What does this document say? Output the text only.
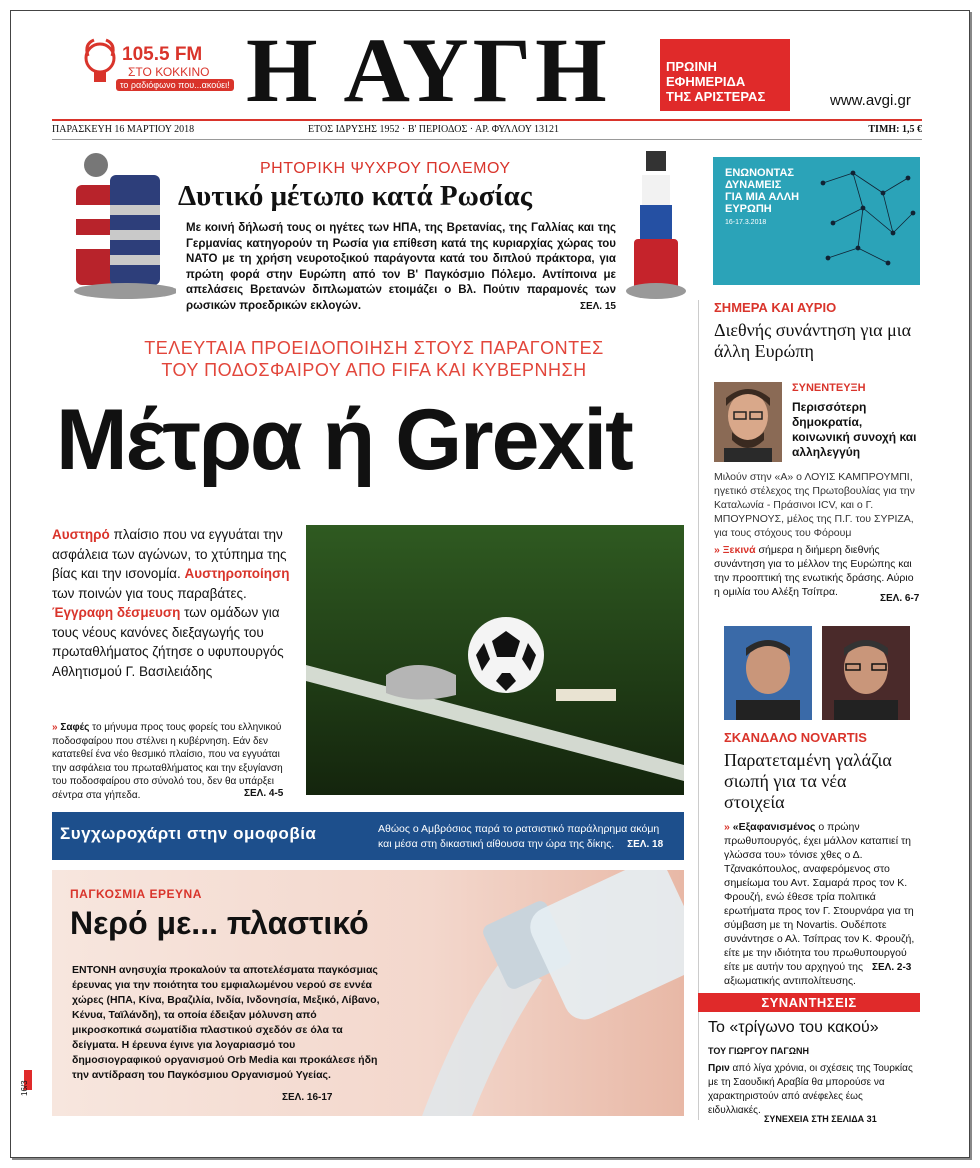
105.5 FM
ΣΤΟ ΚΟΚΚΙΝΟ
το ραδιόφωνο που...ακούει! Η ΑΥΓΗ	ΠΡΩΙΝΗ
ΕΦΗΜΕΡΙΔΑ
ΤΗΣ ΑΡΙΣΤΕΡΑΣ	www.avgi.gr
ΠΑΡΑΣΚΕΥΗ 16 ΜΑΡΤΙΟΥ 2018	ΕΤΟΣ ΙΔΡΥΣΗΣ 1952 · Β' ΠΕΡΙΟΔΟΣ · ΑΡ. ΦΥΛΛΟΥ 13121	ΤΙΜΗ: 1,5 €
ΡΗΤΟΡΙΚΗ ΨΥΧΡΟΥ ΠΟΛΕΜΟΥ
Δυτικό μέτωπο κατά Ρωσίας
Με κοινή δήλωσή τους οι ηγέτες των ΗΠΑ, της Βρετανίας, της Γαλλίας και της Γερμανίας κατηγορούν τη Ρωσία για επίθεση κατά της κυριαρχίας χώρας του ΝΑΤΟ με τη χρήση νευροτοξικού παράγοντα κατά του διπλού πράκτορα, για πρώτη φορά στην Ευρώπη από τον Β' Παγκόσμιο Πόλεμο. Αντίποινα με απελάσεις Βρετανών διπλωματών ετοιμάζει ο Βλ. Πούτιν παραμονές των ρωσικών προεδρικών εκλογών.	ΣΕΛ. 15
ΕΝΩΝΟΝΤΑΣ
ΔΥΝΑΜΕΙΣ
ΓΙΑ ΜΙΑ ΑΛΛΗ
ΕΥΡΩΠΗ
16-17.3.2018
ΣΗΜΕΡΑ ΚΑΙ ΑΥΡΙΟ
Διεθνής συνάντηση για μια άλλη Ευρώπη
ΣΥΝΕΝΤΕΥΞΗ
Περισσότερη δημοκρατία, κοινωνική συνοχή και αλληλεγγύη
Μιλούν στην «Α» ο ΛΟΥΙΣ ΚΑΜΠΡΟΥΜΠΙ, ηγετικό στέλεχος της Πρωτοβουλίας για την Καταλωνία - Πράσινοι ICV, και ο Γ. ΜΠΟΥΡΝΟΥΣ, μέλος της Π.Γ. του ΣΥΡΙΖΑ, για τους στόχους του Φόρουμ
» Ξεκινά σήμερα η διήμερη διεθνής συνάντηση για το μέλλον της Ευρώπης και την προοπτική της ενωτικής δράσης. Αύριο η ομιλία του Αλέξη Τσίπρα.
ΣΕΛ. 6-7
ΤΕΛΕΥΤΑΙΑ ΠΡΟΕΙΔΟΠΟΙΗΣΗ ΣΤΟΥΣ ΠΑΡΑΓΟΝΤΕΣ
ΤΟΥ ΠΟΔΟΣΦΑΙΡΟΥ ΑΠΟ FIFA ΚΑΙ ΚΥΒΕΡΝΗΣΗ
Μέτρα ή Grexit
Αυστηρό πλαίσιο που να εγγυάται την ασφάλεια των αγώνων, το χτύπημα της βίας και την ισονομία. Αυστηροποίηση των ποινών για τους παραβάτες. Έγγραφη δέσμευση των ομάδων για τους νέους κανόνες διεξαγωγής του πρωταθλήματος ζήτησε ο υφυπουργός Αθλητισμού Γ. Βασιλειάδης
» Σαφές το μήνυμα προς τους φορείς του ελληνικού ποδοσφαίρου που στέλνει η κυβέρνηση. Εάν δεν κατατεθεί ένα νέο θεσμικό πλαίσιο, που να εγγυάται την ασφάλεια του πρωταθλήματος και την εξυγίανση του ποδοσφαίρου στο σύνολό του, δεν θα υπάρξει σέντρα στα γήπεδα.	ΣΕΛ. 4-5
Συγχωροχάρτι στην ομοφοβία	Αθώος ο Αμβρόσιος παρά το ρατσιστικό παράληρημα ακόμη και μέσα στη δικαστική αίθουσα την ώρα της δίκης. ΣΕΛ. 18
ΠΑΓΚΟΣΜΙΑ ΕΡΕΥΝΑ
Νερό με... πλαστικό
ΕΝΤΟΝΗ ανησυχία προκαλούν τα αποτελέσματα παγκόσμιας έρευνας για την ποιότητα του εμφιαλωμένου νερού σε εννέα χώρες (ΗΠΑ, Κίνα, Βραζιλία, Ινδία, Ινδονησία, Μεξικό, Λίβανο, Κένυα, Ταϊλάνδη), τα οποία έδειξαν μόλυνση από μικροσκοπικά σωματίδια πλαστικού σχεδόν σε όλα τα δείγματα. Η έρευνα έγινε για λογαριασμό του δημοσιογραφικού οργανισμού Orb Media και προκάλεσε ήδη την αντίδραση του Παγκόσμιου Οργανισμού Υγείας.
ΣΕΛ. 16-17
ΣΚΑΝΔΑΛΟ NOVARTIS
Παρατεταμένη γαλάζια σιωπή για τα νέα στοιχεία
» «Εξαφανισμένος ο πρώην πρωθυπουργός, έχει μάλλον καταπιεί τη γλώσσα του» τόνισε χθες ο Δ. Τζανακόπουλος, αναφερόμενος στο σημείωμα του Αντ. Σαμαρά προς τον Κ. Φρουζή, ενώ έθεσε τρία πολιτικά ερωτήματα προς τον Γ. Στουρνάρα για τη σύμβαση με τη Novartis. Ουδέποτε συνάντησε ο Αλ. Τσίπρας τον Κ. Φρουζή, είτε με την ιδιότητα του πρωθυπουργού είτε με αυτήν του αρχηγού της αξιωματικής αντιπολίτευσης.
ΣΕΛ. 2-3
ΣΥΝΑΝΤΗΣΕΙΣ
Το «τρίγωνο του κακού»
ΤΟΥ ΓΙΩΡΓΟΥ ΠΑΓΩΝΗ
Πριν από λίγα χρόνια, οι σχέσεις της Τουρκίας με τη Σαουδική Αραβία θα μπορούσε να χαρακτηριστούν από ανέφελες έως ειδυλλιακές.
ΣΥΝΕΧΕΙΑ ΣΤΗ ΣΕΛΙΔΑ 31
16/3
